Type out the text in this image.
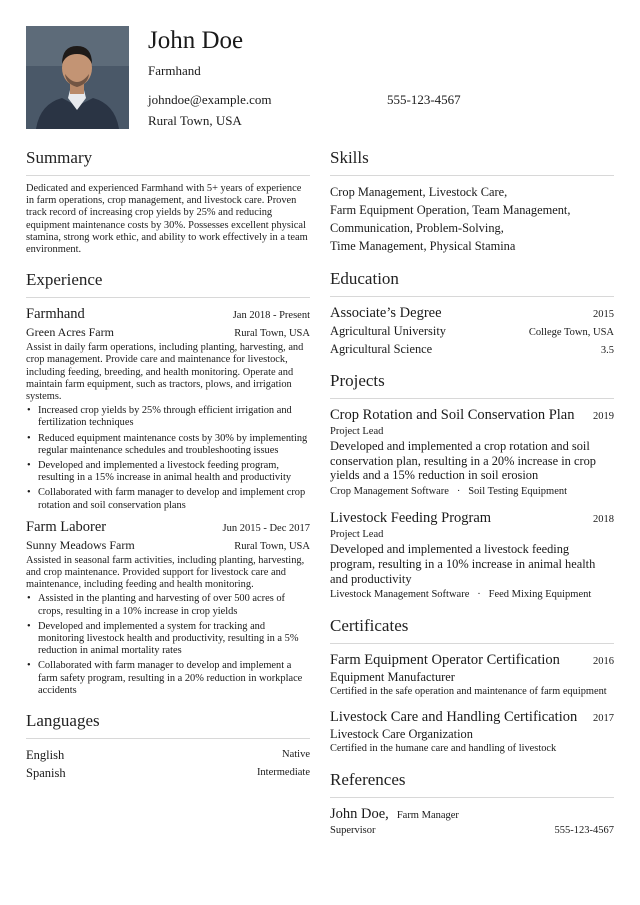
John Doe
Farmhand
johndoe@example.com	555-123-4567
Rural Town, USA
Summary
Dedicated and experienced Farmhand with 5+ years of experience in farm operations, crop management, and livestock care. Proven track record of increasing crop yields by 25% and reducing equipment maintenance costs by 30%. Possesses excellent physical stamina, strong work ethic, and ability to work effectively in a team environment.
Experience
Farmhand	Jan 2018 - Present
Green Acres Farm	Rural Town, USA
Assist in daily farm operations, including planting, harvesting, and crop management. Provide care and maintenance for livestock, including feeding, breeding, and health monitoring. Operate and maintain farm equipment, such as tractors, plows, and irrigation systems.
• Increased crop yields by 25% through efficient irrigation and fertilization techniques
• Reduced equipment maintenance costs by 30% by implementing regular maintenance schedules and troubleshooting issues
• Developed and implemented a livestock feeding program, resulting in a 15% increase in animal health and productivity
• Collaborated with farm manager to develop and implement crop rotation and soil conservation plans
Farm Laborer	Jun 2015 - Dec 2017
Sunny Meadows Farm	Rural Town, USA
Assisted in seasonal farm activities, including planting, harvesting, and crop maintenance. Provided support for livestock care and maintenance, including feeding and health monitoring.
• Assisted in the planting and harvesting of over 500 acres of crops, resulting in a 10% increase in crop yields
• Developed and implemented a system for tracking and monitoring livestock health and productivity, resulting in a 5% reduction in animal mortality rates
• Collaborated with farm manager to develop and implement a farm safety program, resulting in a 20% reduction in workplace accidents
Languages
English	Native
Spanish	Intermediate
Skills
Crop Management, Livestock Care,
Farm Equipment Operation, Team Management,
Communication, Problem-Solving,
Time Management, Physical Stamina
Education
Associate’s Degree	2015
Agricultural University	College Town, USA
Agricultural Science	3.5
Projects
Crop Rotation and Soil Conservation Plan 2019
Project Lead
Developed and implemented a crop rotation and soil conservation plan, resulting in a 20% increase in crop yields and a 15% reduction in soil erosion
Crop Management Software   ·   Soil Testing Equipment
Livestock Feeding Program	2018
Project Lead
Developed and implemented a livestock feeding program, resulting in a 10% increase in animal health and productivity
Livestock Management Software   ·   Feed Mixing Equipment
Certificates
Farm Equipment Operator Certification	2016
Equipment Manufacturer
Certified in the safe operation and maintenance of farm equipment
Livestock Care and Handling Certification 2017
Livestock Care Organization
Certified in the humane care and handling of livestock
References
John Doe, Farm Manager
Supervisor	555-123-4567
